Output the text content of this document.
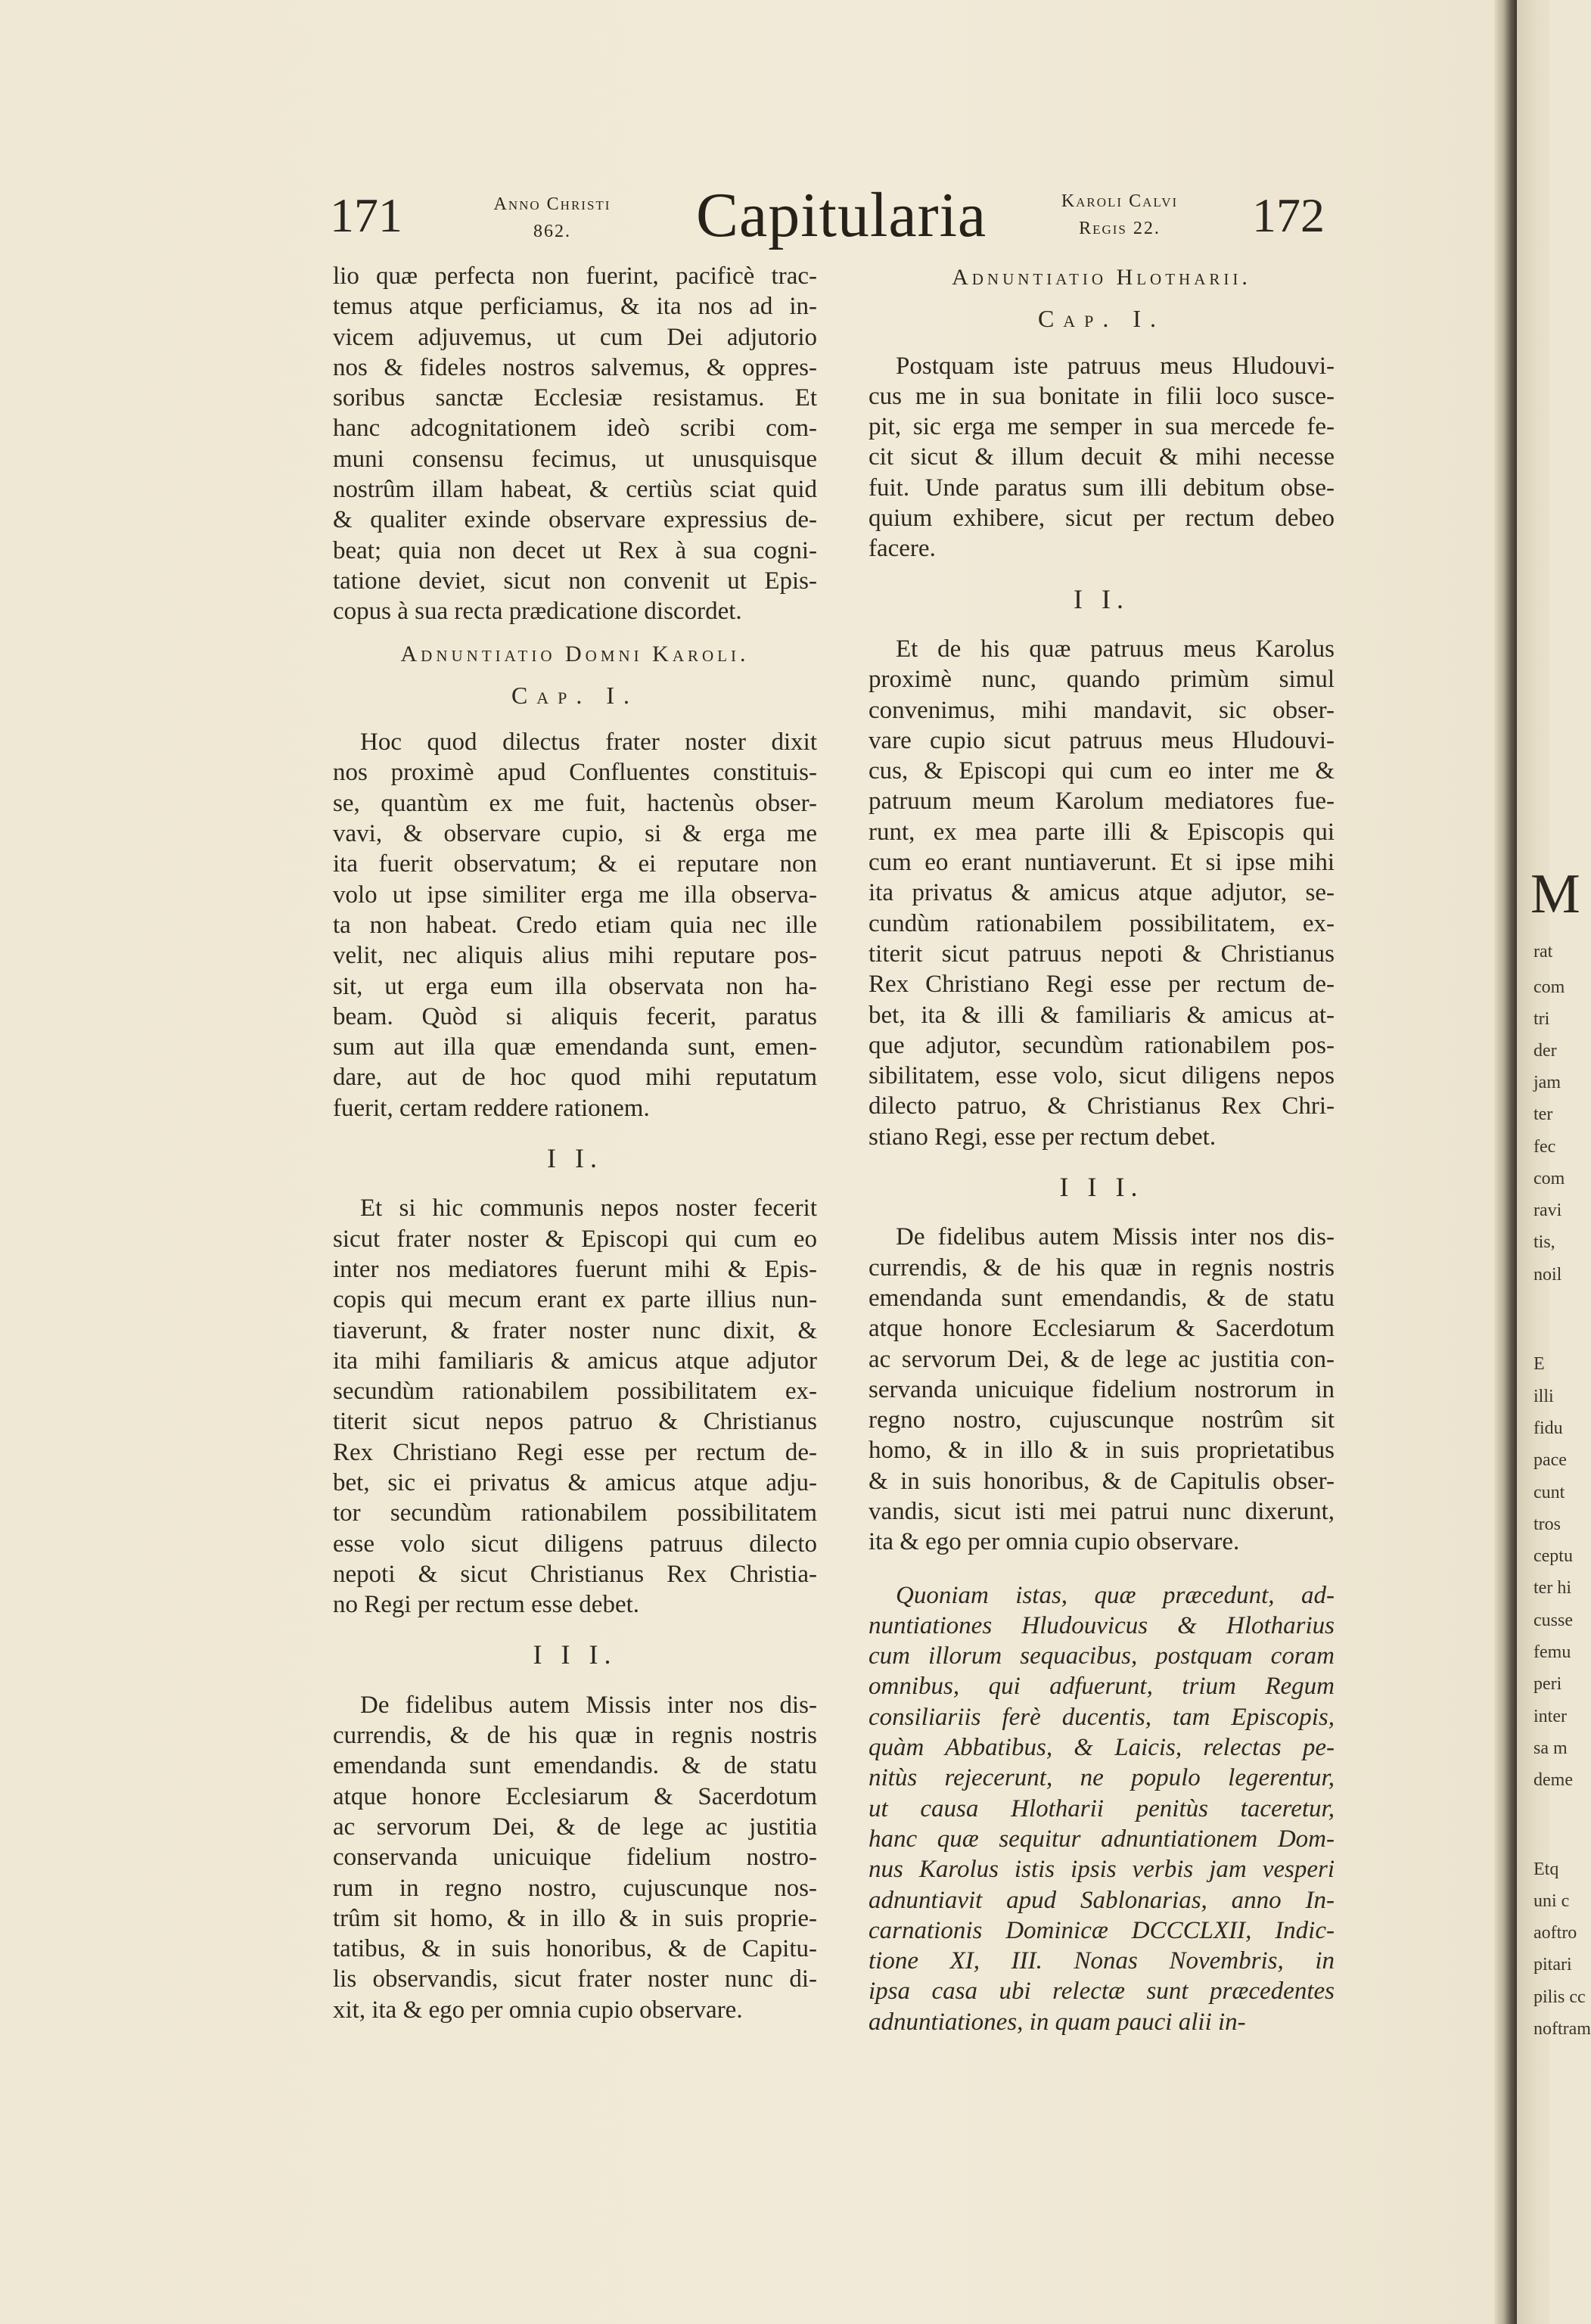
M
rat
com
tri
der
jam
ter
fec
com
ravi
tis,
noil
E
illi
fidu
pace
cunt
tros
ceptu
ter hi
cusse
femu
peri
inter
sa m
deme
Etq
uni c
aoftro
pitari
pilis cc
noftram
171	Anno Christi
862.	Capitularia	Karoli Calvi
Regis 22.	172
lio quæ perfecta non fuerint, pacificè trac-
temus atque perficiamus, & ita nos ad in-
vicem adjuvemus, ut cum Dei adjutorio
nos & fideles nostros salvemus, & oppres-
soribus sanctæ Ecclesiæ resistamus. Et
hanc adcognitationem ideò scribi com-
muni consensu fecimus, ut unusquisque
nostrûm illam habeat, & certiùs sciat quid
& qualiter exinde observare expressius de-
beat; quia non decet ut Rex à sua cogni-
tatione deviet, sicut non convenit ut Epis-
copus à sua recta prædicatione discordet.
Adnuntiatio Domni Karoli.
Cap. I.
Hoc quod dilectus frater noster dixit
nos proximè apud Confluentes constituis-
se, quantùm ex me fuit, hactenùs obser-
vavi, & observare cupio, si & erga me
ita fuerit observatum; & ei reputare non
volo ut ipse similiter erga me illa observa-
ta non habeat. Credo etiam quia nec ille
velit, nec aliquis alius mihi reputare pos-
sit, ut erga eum illa observata non ha-
beam. Quòd si aliquis fecerit, paratus
sum aut illa quæ emendanda sunt, emen-
dare, aut de hoc quod mihi reputatum
fuerit, certam reddere rationem.
I I.
Et si hic communis nepos noster fecerit
sicut frater noster & Episcopi qui cum eo
inter nos mediatores fuerunt mihi & Epis-
copis qui mecum erant ex parte illius nun-
tiaverunt, & frater noster nunc dixit, &
ita mihi familiaris & amicus atque adjutor
secundùm rationabilem possibilitatem ex-
titerit sicut nepos patruo & Christianus
Rex Christiano Regi esse per rectum de-
bet, sic ei privatus & amicus atque adju-
tor secundùm rationabilem possibilitatem
esse volo sicut diligens patruus dilecto
nepoti & sicut Christianus Rex Christia-
no Regi per rectum esse debet.
I I I.
De fidelibus autem Missis inter nos dis-
currendis, & de his quæ in regnis nostris
emendanda sunt emendandis. & de statu
atque honore Ecclesiarum & Sacerdotum
ac servorum Dei, & de lege ac justitia
conservanda unicuique fidelium nostro-
rum in regno nostro, cujuscunque nos-
trûm sit homo, & in illo & in suis proprie-
tatibus, & in suis honoribus, & de Capitu-
lis observandis, sicut frater noster nunc di-
xit, ita & ego per omnia cupio observare.
Adnuntiatio Hlotharii.
Cap. I.
Postquam iste patruus meus Hludouvi-
cus me in sua bonitate in filii loco susce-
pit, sic erga me semper in sua mercede fe-
cit sicut & illum decuit & mihi necesse
fuit. Unde paratus sum illi debitum obse-
quium exhibere, sicut per rectum debeo
facere.
I I.
Et de his quæ patruus meus Karolus
proximè nunc, quando primùm simul
convenimus, mihi mandavit, sic obser-
vare cupio sicut patruus meus Hludouvi-
cus, & Episcopi qui cum eo inter me &
patruum meum Karolum mediatores fue-
runt, ex mea parte illi & Episcopis qui
cum eo erant nuntiaverunt. Et si ipse mihi
ita privatus & amicus atque adjutor, se-
cundùm rationabilem possibilitatem, ex-
titerit sicut patruus nepoti & Christianus
Rex Christiano Regi esse per rectum de-
bet, ita & illi & familiaris & amicus at-
que adjutor, secundùm rationabilem pos-
sibilitatem, esse volo, sicut diligens nepos
dilecto patruo, & Christianus Rex Chri-
stiano Regi, esse per rectum debet.
I I I.
De fidelibus autem Missis inter nos dis-
currendis, & de his quæ in regnis nostris
emendanda sunt emendandis, & de statu
atque honore Ecclesiarum & Sacerdotum
ac servorum Dei, & de lege ac justitia con-
servanda unicuique fidelium nostrorum in
regno nostro, cujuscunque nostrûm sit
homo, & in illo & in suis proprietatibus
& in suis honoribus, & de Capitulis obser-
vandis, sicut isti mei patrui nunc dixerunt,
ita & ego per omnia cupio observare.
Quoniam istas, quæ præcedunt, ad-
nuntiationes Hludouvicus & Hlotharius
cum illorum sequacibus, postquam coram
omnibus, qui adfuerunt, trium Regum
consiliariis ferè ducentis, tam Episcopis,
quàm Abbatibus, & Laicis, relectas pe-
nitùs rejecerunt, ne populo legerentur,
ut causa Hlotharii penitùs taceretur,
hanc quæ sequitur adnuntiationem Dom-
nus Karolus istis ipsis verbis jam vesperi
adnuntiavit apud Sablonarias, anno In-
carnationis Dominicæ DCCCLXII, Indic-
tione XI, III. Nonas Novembris, in
ipsa casa ubi relectæ sunt præcedentes
adnuntiationes, in quam pauci alii in-
